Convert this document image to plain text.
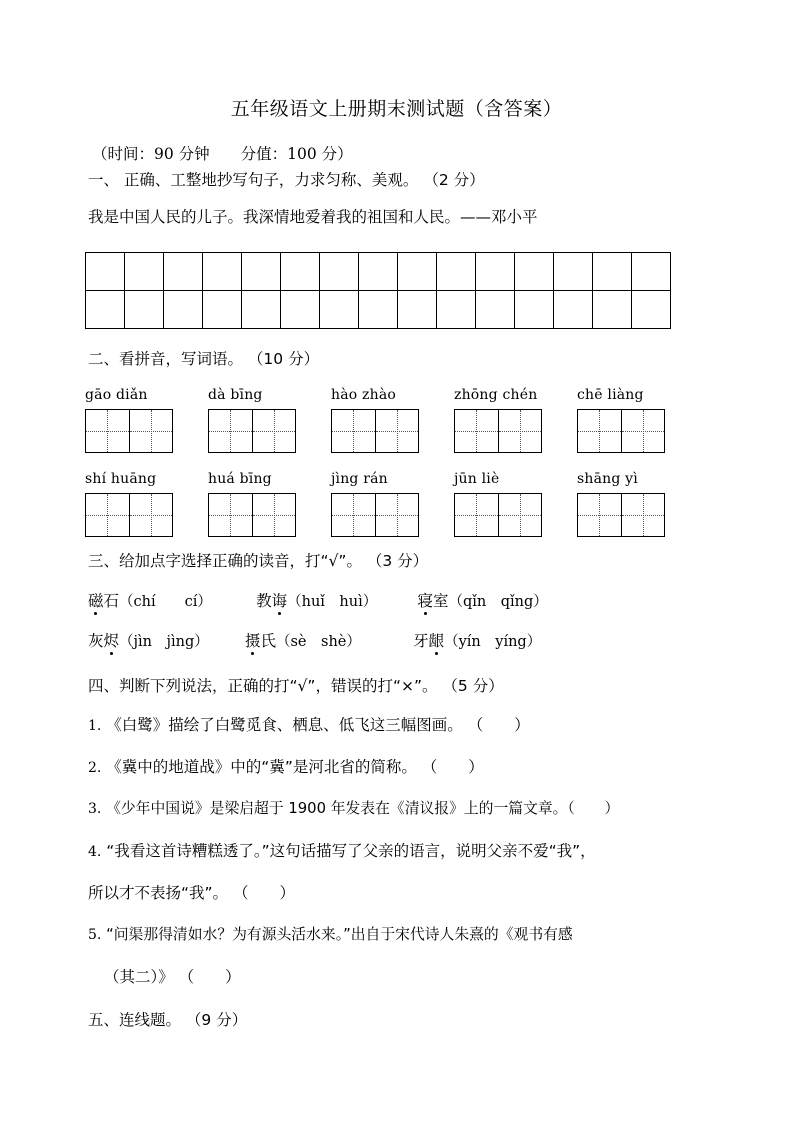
五年级语文上册期末测试题（含答案）
（时间：90 分钟　　分值：100 分）
一、 正确、工整地抄写句子，力求匀称、美观。 （2 分）
我是中国人民的儿子。我深情地爱着我的祖国和人民。——邓小平

二、看拼音，写词语。 （10 分）
gāo diǎn	dà bīng	hào zhào	zhōng chén	chē liàng
shí huāng	huá bīng	jìng rán	jūn liè	shāng yì
三、给加点字选择正确的读音，打“√”。 （3 分）
磁石（chí　　cí）	教诲（huǐ　huì）	寝室（qǐn　qǐng）
灰烬（jìn　jìng） 摄氏（sè　shè）	牙龈（yín　yíng）
四、判断下列说法，正确的打“√”，错误的打“×”。 （5 分）
1. 《白鹭》描绘了白鹭觅食、栖息、低飞这三幅图画。 （　　）
2. 《冀中的地道战》中的“冀”是河北省的简称。 （　　）
3. 《少年中国说》是梁启超于 1900 年发表在《清议报》上的一篇文章。（　　）
4. “我看这首诗糟糕透了。”这句话描写了父亲的语言，说明父亲不爱“我”，
所以才不表扬“我”。 （　　）
5. “问渠那得清如水？为有源头活水来。”出自于宋代诗人朱熹的《观书有感
（其二）》 （　　）
五、连线题。 （9 分）
